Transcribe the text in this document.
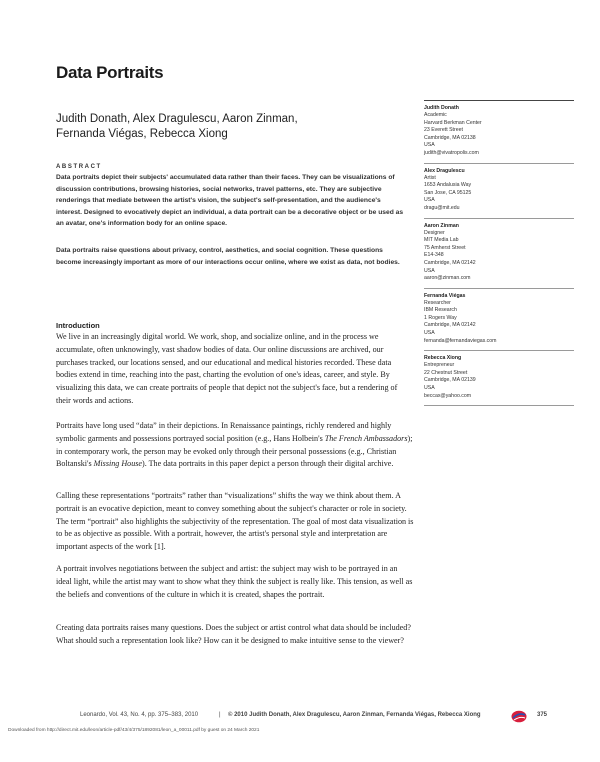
Data Portraits
Judith Donath, Alex Dragulescu, Aaron Zinman,
Fernanda Viégas, Rebecca Xiong
ABSTRACT

Data portraits depict their subjects' accumulated data rather than their faces. They can be visualizations of discussion contributions, browsing histories, social networks, travel patterns, etc. They are subjective renderings that mediate between the artist's vision, the subject's self-presentation, and the audience's interest. Designed to evocatively depict an individual, a data portrait can be a decorative object or be used as an avatar, one's information body for an online space.

Data portraits raise questions about privacy, control, aesthetics, and social cognition. These questions become increasingly important as more of our interactions occur online, where we exist as data, not bodies.

Introduction

We live in an increasingly digital world. We work, shop, and socialize online, and in the process we accumulate, often unknowingly, vast shadow bodies of data. Our online discussions are archived, our purchases tracked, our locations sensed, and our educational and medical histories recorded. These data bodies extend in time, reaching into the past, charting the evolution of one's ideas, career, and style. By visualizing this data, we can create portraits of people that depict not the subject's face, but a rendering of their words and actions.

Portraits have long used “data” in their depictions. In Renaissance paintings, richly rendered and highly symbolic garments and possessions portrayed social position (e.g., Hans Holbein's The French Ambassadors); in contemporary work, the person may be evoked only through their personal possessions (e.g., Christian Boltanski's Missing House). The data portraits in this paper depict a person through their digital archive.

Calling these representations “portraits” rather than “visualizations” shifts the way we think about them. A portrait is an evocative depiction, meant to convey something about the subject's character or role in society. The term “portrait” also highlights the subjectivity of the representation. The goal of most data visualization is to be as objective as possible. With a portrait, however, the artist's personal style and interpretation are important aspects of the work [1].

A portrait involves negotiations between the subject and artist: the subject may wish to be portrayed in an ideal light, while the artist may want to show what they think the subject is really like. This tension, as well as the beliefs and conventions of the culture in which it is created, shapes the portrait.

Creating data portraits raises many questions. Does the subject or artist control what data should be included? What should such a representation look like? How can it be designed to make intuitive sense to the viewer?

Judith Donath
Academic
Harvard Berkman Center
23 Everett Street
Cambridge, MA 02138
USA
judith@vivatropolis.com
Alex Dragulescu
Artist
1653 Andalusia Way
San Jose, CA 95125
USA
dragu@mit.edu
Aaron Zinman
Designer
MIT Media Lab
75 Amherst Street
E14-348
Cambridge, MA 02142
USA
aaron@zinman.com
Fernanda Viégas
Researcher
IBM Research
1 Rogers Way
Cambridge, MA 02142
USA
fernanda@fernandaviegas.com
Rebecca Xiong
Entrepreneur
22 Chestnut Street
Cambridge, MA 02139
USA
beccax@yahoo.com
Leonardo, Vol. 43, No. 4, pp. 375–383, 2010	| © 2010 Judith Donath, Alex Dragulescu, Aaron Zinman, Fernanda Viégas, Rebecca Xiong	375
Downloaded from http://direct.mit.edu/leon/article-pdf/43/4/375/1892081/leon_a_00011.pdf by guest on 24 March 2021
